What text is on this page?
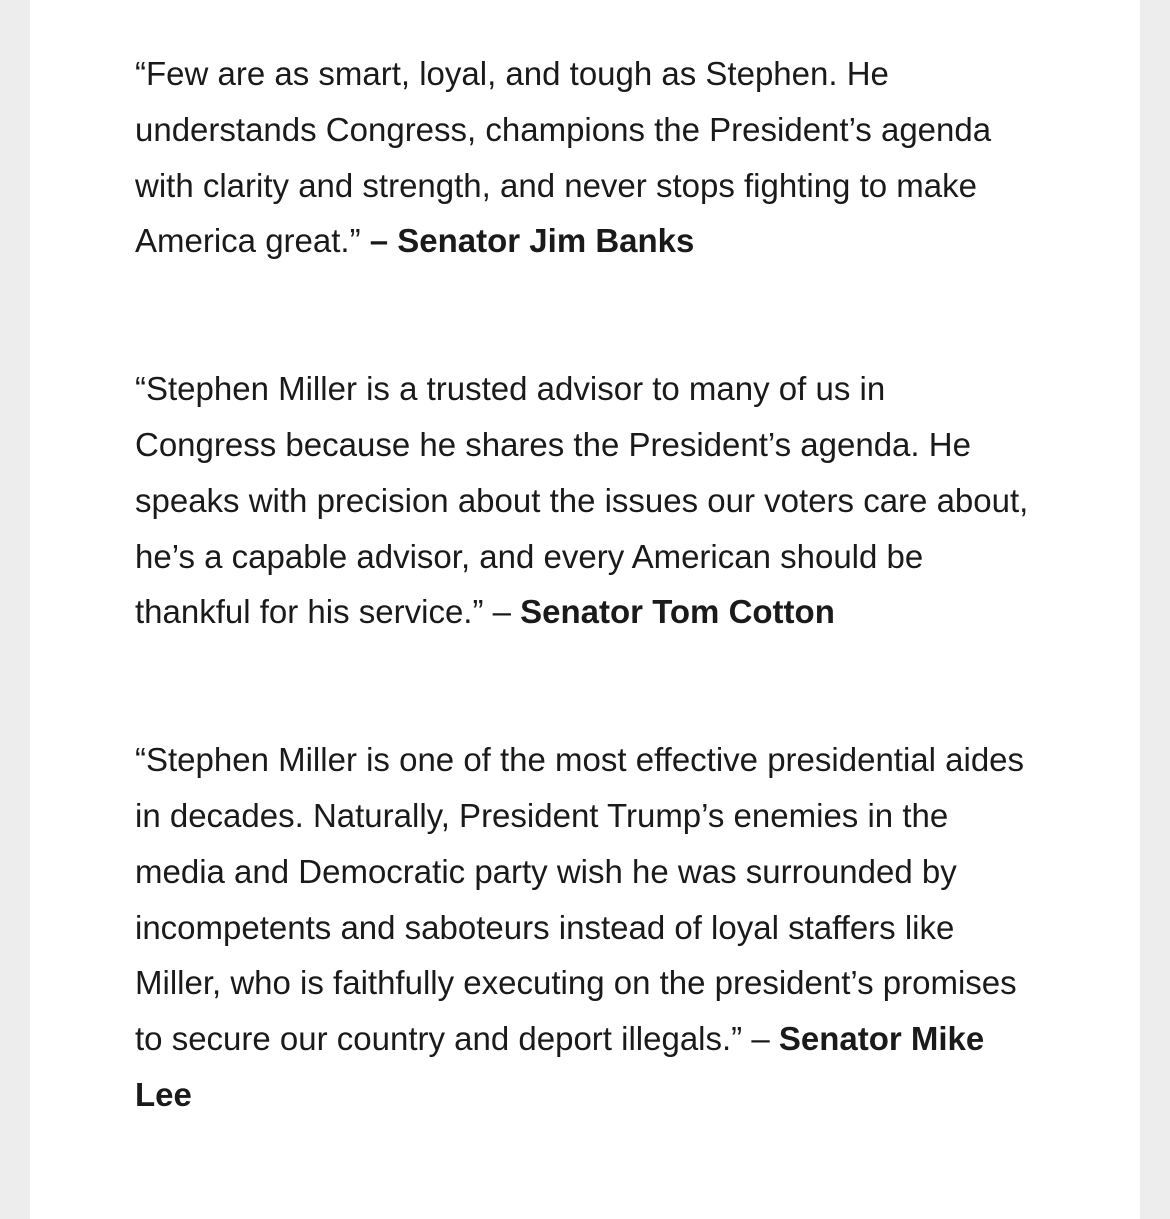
“Few are as smart, loyal, and tough as Stephen. He understands Congress, champions the President’s agenda with clarity and strength, and never stops fighting to make America great.” – Senator Jim Banks

“Stephen Miller is a trusted advisor to many of us in Congress because he shares the President’s agenda. He speaks with precision about the issues our voters care about, he’s a capable advisor, and every American should be thankful for his service.” – Senator Tom Cotton

“Stephen Miller is one of the most effective presidential aides in decades. Naturally, President Trump’s enemies in the media and Democratic party wish he was surrounded by incompetents and saboteurs instead of loyal staffers like Miller, who is faithfully executing on the president’s promises to secure our country and deport illegals.” – Senator Mike Lee
